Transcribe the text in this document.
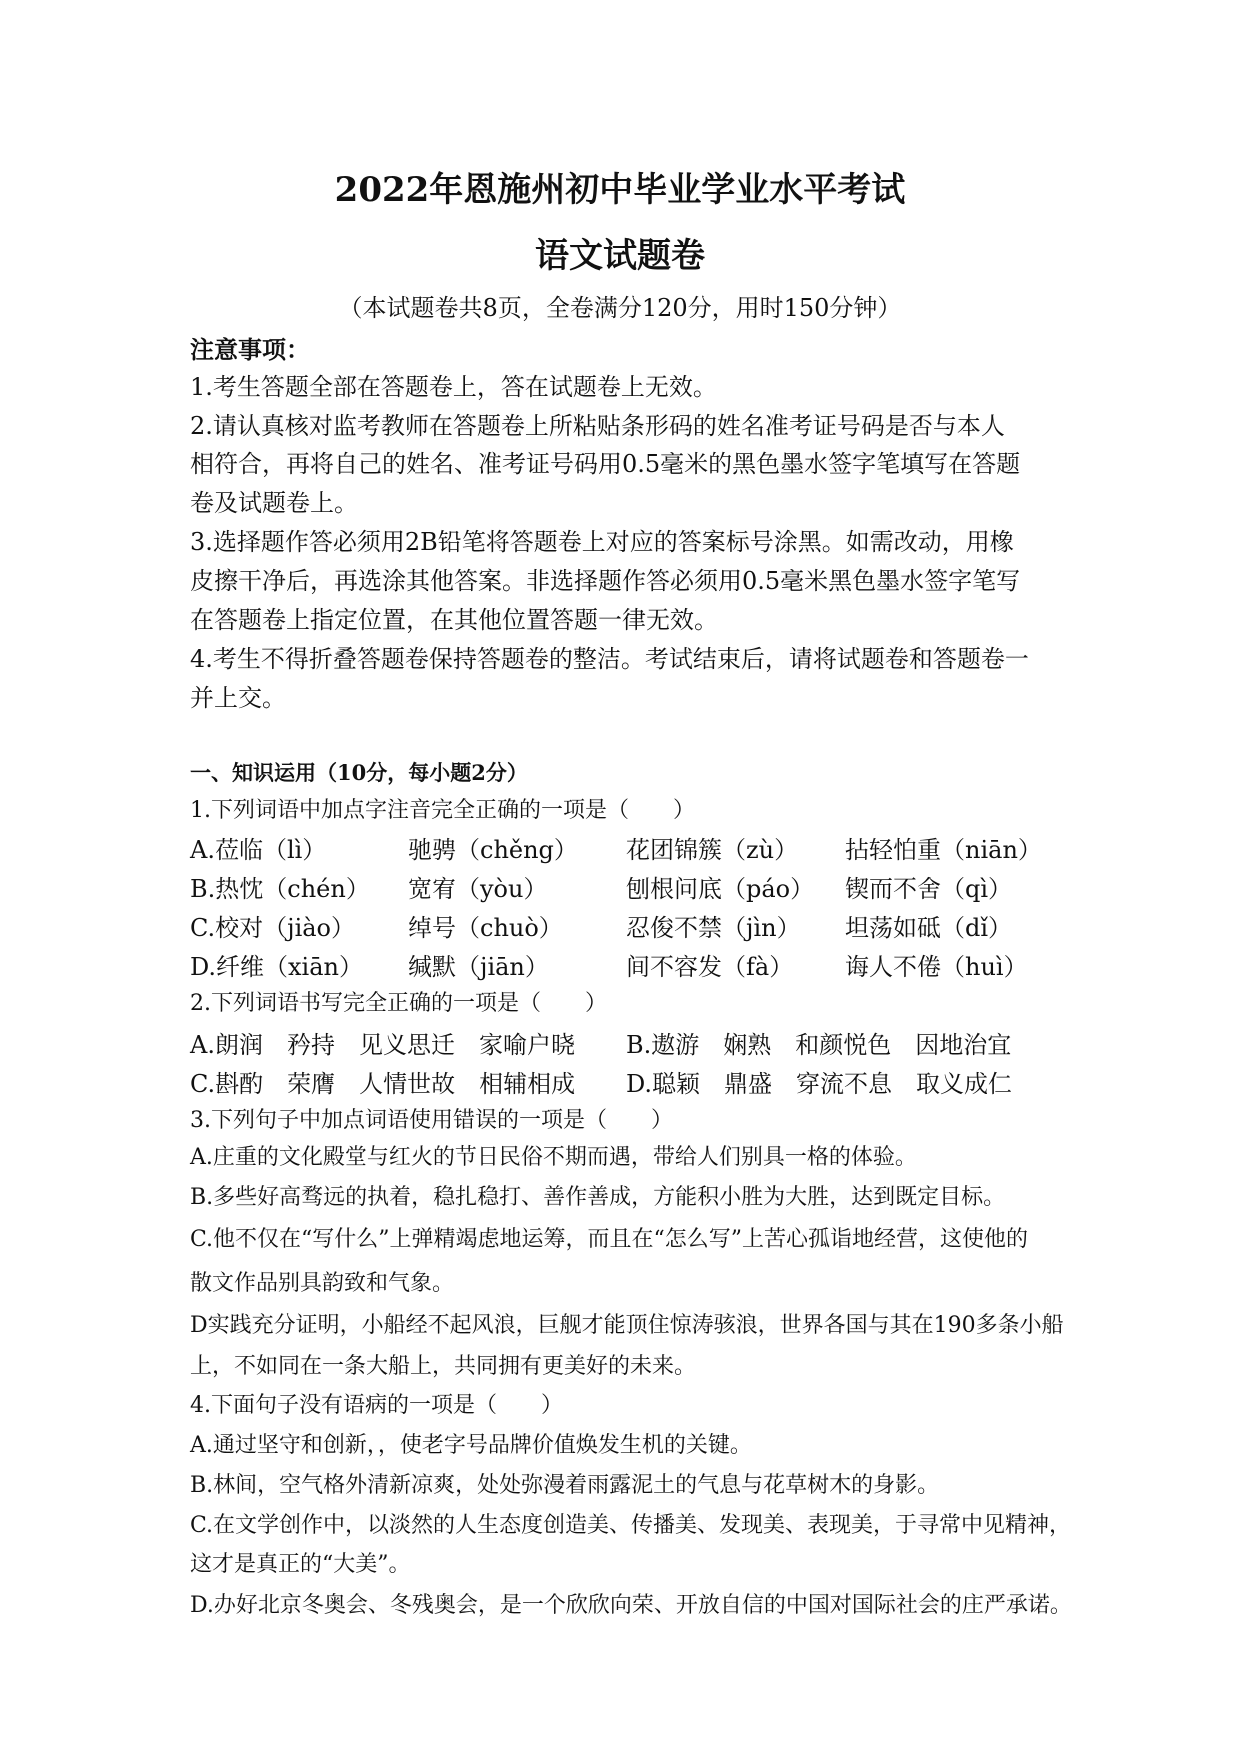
2022年恩施州初中毕业学业水平考试
语文试题卷
（本试题卷共8页，全卷满分120分，用时150分钟）
注意事项：
1.考生答题全部在答题卷上，答在试题卷上无效。
2.请认真核对监考教师在答题卷上所粘贴条形码的姓名准考证号码是否与本人
相符合，再将自己的姓名、准考证号码用0.5毫米的黑色墨水签字笔填写在答题
卷及试题卷上。
3.选择题作答必须用2B铅笔将答题卷上对应的答案标号涂黑。如需改动，用橡
皮擦干净后，再选涂其他答案。非选择题作答必须用0.5毫米黑色墨水签字笔写
在答题卷上指定位置，在其他位置答题一律无效。
4.考生不得折叠答题卷保持答题卷的整洁。考试结束后，请将试题卷和答题卷一
并上交。
一、知识运用（10分，每小题2分）
1.下列词语中加点字注音完全正确的一项是（　　）
A.莅临（lì）	驰骋（chěng） 花团锦簇（zù） 拈轻怕重（niān）
B.热忱（chén） 宽宥（yòu）	刨根问底（páo） 锲而不舍（qì）
C.校对（jiào） 绰号（chuò）	忍俊不禁（jìn） 坦荡如砥（dǐ）
D.纤维（xiān） 缄默（jiān）	间不容发（fà） 诲人不倦（huì）
2.下列词语书写完全正确的一项是（　　）
A.朗润　矜持　见义思迁　家喻户晓 B.遨游　娴熟　和颜悦色　因地治宜
C.斟酌　荣膺　人情世故　相辅相成 D.聪颖　鼎盛　穿流不息　取义成仁
3.下列句子中加点词语使用错误的一项是（　　）
A.庄重的文化殿堂与红火的节日民俗不期而遇，带给人们别具一格的体验。
B.多些好高骛远的执着，稳扎稳打、善作善成，方能积小胜为大胜，达到既定目标。
C.他不仅在“写什么”上弹精竭虑地运筹，而且在“怎么写”上苦心孤诣地经营，这使他的
散文作品别具韵致和气象。
D实践充分证明，小船经不起风浪，巨舰才能顶住惊涛骇浪，世界各国与其在190多条小船
上，不如同在一条大船上，共同拥有更美好的未来。
4.下面句子没有语病的一项是（　　）
A.通过坚守和创新，，使老字号品牌价值焕发生机的关键。
B.林间，空气格外清新凉爽，处处弥漫着雨露泥土的气息与花草树木的身影。
C.在文学创作中，以淡然的人生态度创造美、传播美、发现美、表现美，于寻常中见精神，
这才是真正的“大美”。
D.办好北京冬奥会、冬残奥会，是一个欣欣向荣、开放自信的中国对国际社会的庄严承诺。
